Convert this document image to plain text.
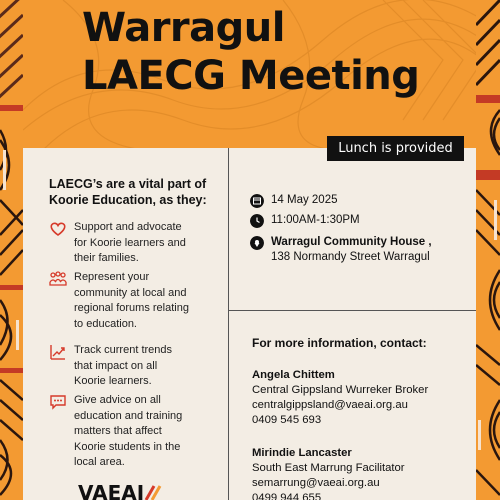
Warragul
LAECG Meeting
Lunch is provided
LAECG’s are a vital part of
Koorie Education, as they:
Support and advocate
for Koorie learners and
their families.
Represent your
community at local and
regional forums relating
to education.
Track current trends
that impact on all
Koorie learners.
Give advice on all
education and training
matters that affect
Koorie students in the
local area.
14 May 2025
11:00AM-1:30PM
Warragul Community House ,
138 Normandy Street Warragul
For more information, contact:
Angela Chittem
Central Gippsland Wurreker Broker
centralgippsland@vaeai.org.au
0409 545 693
Mirindie Lancaster
South East Marrung Facilitator
semarrung@vaeai.org.au
0499 944 655
VAEAI
